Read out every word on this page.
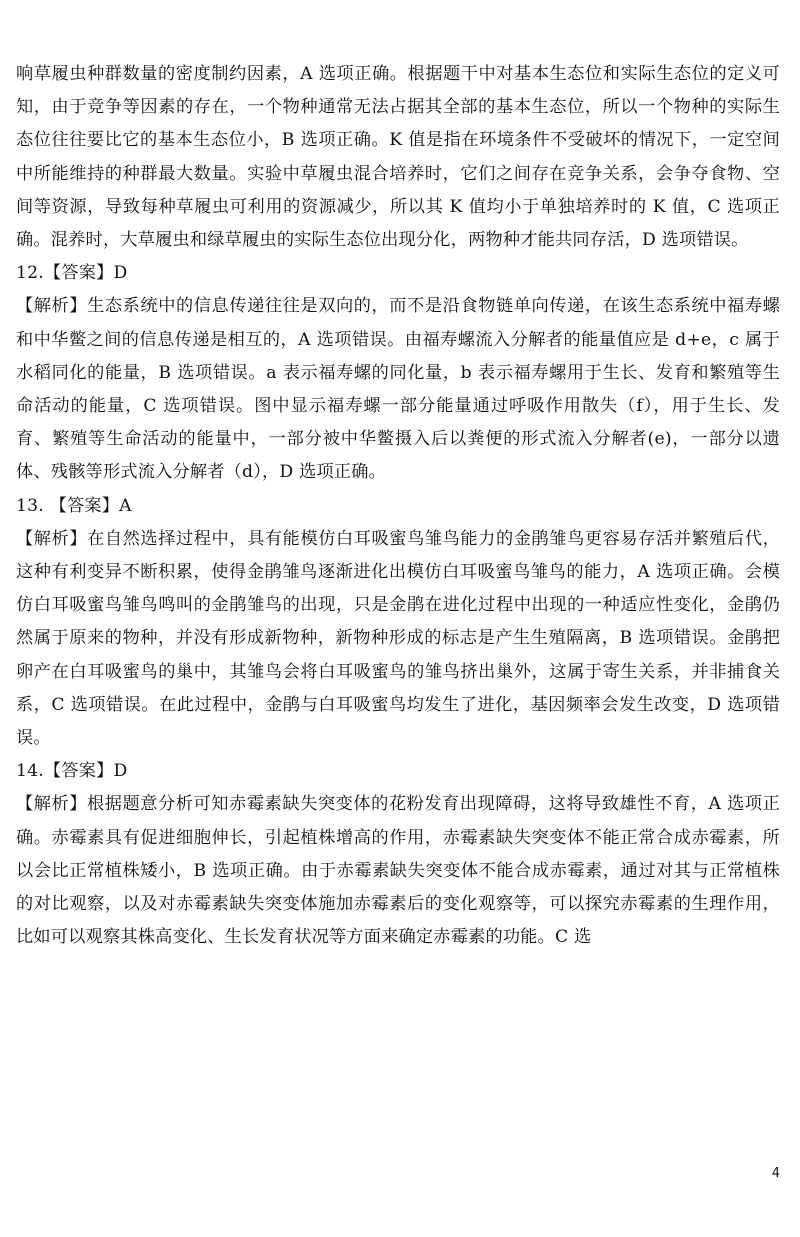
响草履虫种群数量的密度制约因素，A 选项正确。根据题干中对基本生态位和实际生态位的定义可知，由于竞争等因素的存在，一个物种通常无法占据其全部的基本生态位，所以一个物种的实际生态位往往要比它的基本生态位小，B 选项正确。K 值是指在环境条件不受破坏的情况下，一定空间中所能维持的种群最大数量。实验中草履虫混合培养时，它们之间存在竞争关系，会争夺食物、空间等资源，导致每种草履虫可利用的资源减少，所以其 K 值均小于单独培养时的 K 值，C 选项正确。混养时，大草履虫和绿草履虫的实际生态位出现分化，两物种才能共同存活，D 选项错误。

12.【答案】D

【解析】生态系统中的信息传递往往是双向的，而不是沿食物链单向传递，在该生态系统中福寿螺和中华鳖之间的信息传递是相互的，A 选项错误。由福寿螺流入分解者的能量值应是 d+e，c 属于水稻同化的能量，B 选项错误。a 表示福寿螺的同化量，b 表示福寿螺用于生长、发育和繁殖等生命活动的能量，C 选项错误。图中显示福寿螺一部分能量通过呼吸作用散失（f），用于生长、发育、繁殖等生命活动的能量中，一部分被中华鳖摄入后以粪便的形式流入分解者(e)，一部分以遗体、残骸等形式流入分解者（d），D 选项正确。

13. 【答案】A

【解析】在自然选择过程中，具有能模仿白耳吸蜜鸟雏鸟能力的金鹃雏鸟更容易存活并繁殖后代，这种有利变异不断积累，使得金鹃雏鸟逐渐进化出模仿白耳吸蜜鸟雏鸟的能力，A 选项正确。会模仿白耳吸蜜鸟雏鸟鸣叫的金鹃雏鸟的出现，只是金鹃在进化过程中出现的一种适应性变化，金鹃仍然属于原来的物种，并没有形成新物种，新物种形成的标志是产生生殖隔离，B 选项错误。金鹃把卵产在白耳吸蜜鸟的巢中，其雏鸟会将白耳吸蜜鸟的雏鸟挤出巢外，这属于寄生关系，并非捕食关系，C 选项错误。在此过程中，金鹃与白耳吸蜜鸟均发生了进化，基因频率会发生改变，D 选项错误。

14.【答案】D

【解析】根据题意分析可知赤霉素缺失突变体的花粉发育出现障碍，这将导致雄性不育，A 选项正确。赤霉素具有促进细胞伸长，引起植株增高的作用，赤霉素缺失突变体不能正常合成赤霉素，所以会比正常植株矮小，B 选项正确。由于赤霉素缺失突变体不能合成赤霉素，通过对其与正常植株的对比观察，以及对赤霉素缺失突变体施加赤霉素后的变化观察等，可以探究赤霉素的生理作用，比如可以观察其株高变化、生长发育状况等方面来确定赤霉素的功能。C 选

4
